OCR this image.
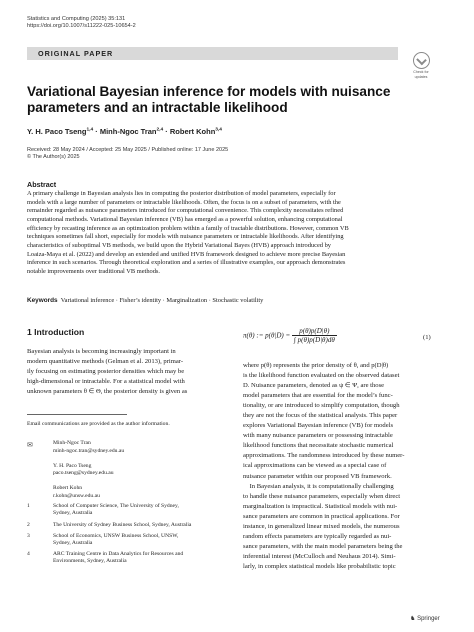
Statistics and Computing (2025) 35:131
https://doi.org/10.1007/s11222-025-10654-2
ORIGINAL PAPER
Check for
updates
Variational Bayesian inference for models with nuisance parameters and an intractable likelihood
Y. H. Paco Tseng$^{1,4}$ · Minh-Ngoc Tran$^{2,4}$ · Robert Kohn$^{3,4}$
Received: 28 May 2024 / Accepted: 25 May 2025 / Published online: 17 June 2025
© The Author(s) 2025
Abstract
A primary challenge in Bayesian analysis lies in computing the posterior distribution of model parameters, especially for
models with a large number of parameters or intractable likelihoods. Often, the focus is on a subset of parameters, with the
remainder regarded as nuisance parameters introduced for computational convenience. This complexity necessitates refined
computational methods. Variational Bayesian inference (VB) has emerged as a powerful solution, enhancing computational
efficiency by recasting inference as an optimization problem within a family of tractable distributions. However, common VB
techniques sometimes fall short, especially for models with nuisance parameters or intractable likelihoods. After identifying
characteristics of suboptimal VB methods, we build upon the Hybrid Variational Bayes (HVB) approach introduced by
Loaiza-Maya et al. (2022) and develop an extended and unified HVB framework designed to achieve more precise Bayesian
inference in such scenarios. Through theoretical exploration and a series of illustrative examples, our approach demonstrates
notable improvements over traditional VB methods.
Keywords Variational inference · Fisher’s identity · Marginalization · Stochastic volatility
1 Introduction
Bayesian analysis is becoming increasingly important in
modern quantitative methods (Gelman et al. 2013), primar-
ily focusing on estimating posterior densities which may be
high-dimensional or intractable. For a statistical model with
unknown parameters θ ∈ Θ, the posterior density is given as
Email communications are provided as the author information.
✉	Minh-Ngoc Tran
minh-ngoc.tran@sydney.edu.au

Y. H. Paco Tseng
paco.tseng@sydney.edu.au

Robert Kohn
r.kohn@unsw.edu.au
1	School of Computer Science, The University of Sydney,
Sydney, Australia
2	The University of Sydney Business School, Sydney, Australia
3	School of Economics, UNSW Business School, UNSW,
Sydney, Australia
4	ARC Training Centre in Data Analytics for Resources and
Environments, Sydney, Australia
π(θ) := $p(\theta|D) = \frac{p(\theta)p(D|\theta)}{\int p(\theta)p(D|\theta)d\theta}$	(1)
where p(θ) represents the prior density of θ, and p(D|θ)
is the likelihood function evaluated on the observed dataset
D. Nuisance parameters, denoted as ψ ∈ Ψ, are those
model parameters that are essential for the model’s func-
tionality, or are introduced to simplify computation, though
they are not the focus of the statistical analysis. This paper
explores Variational Bayesian inference (VB) for models
with many nuisance parameters or possessing intractable
likelihood functions that necessitate stochastic numerical
approximations. The randomness introduced by these numer-
ical approximations can be viewed as a special case of
nuisance parameter within our proposed VB framework.
In Bayesian analysis, it is computationally challenging
to handle these nuisance parameters, especially when direct
marginalization is impractical. Statistical models with nui-
sance parameters are common in practical applications. For
instance, in generalized linear mixed models, the numerous
random effects parameters are typically regarded as nui-
sance parameters, with the main model parameters being the
inferential interest (McCulloch and Neuhaus 2014). Simi-
larly, in complex statistical models like probabilistic topic
♞ Springer
